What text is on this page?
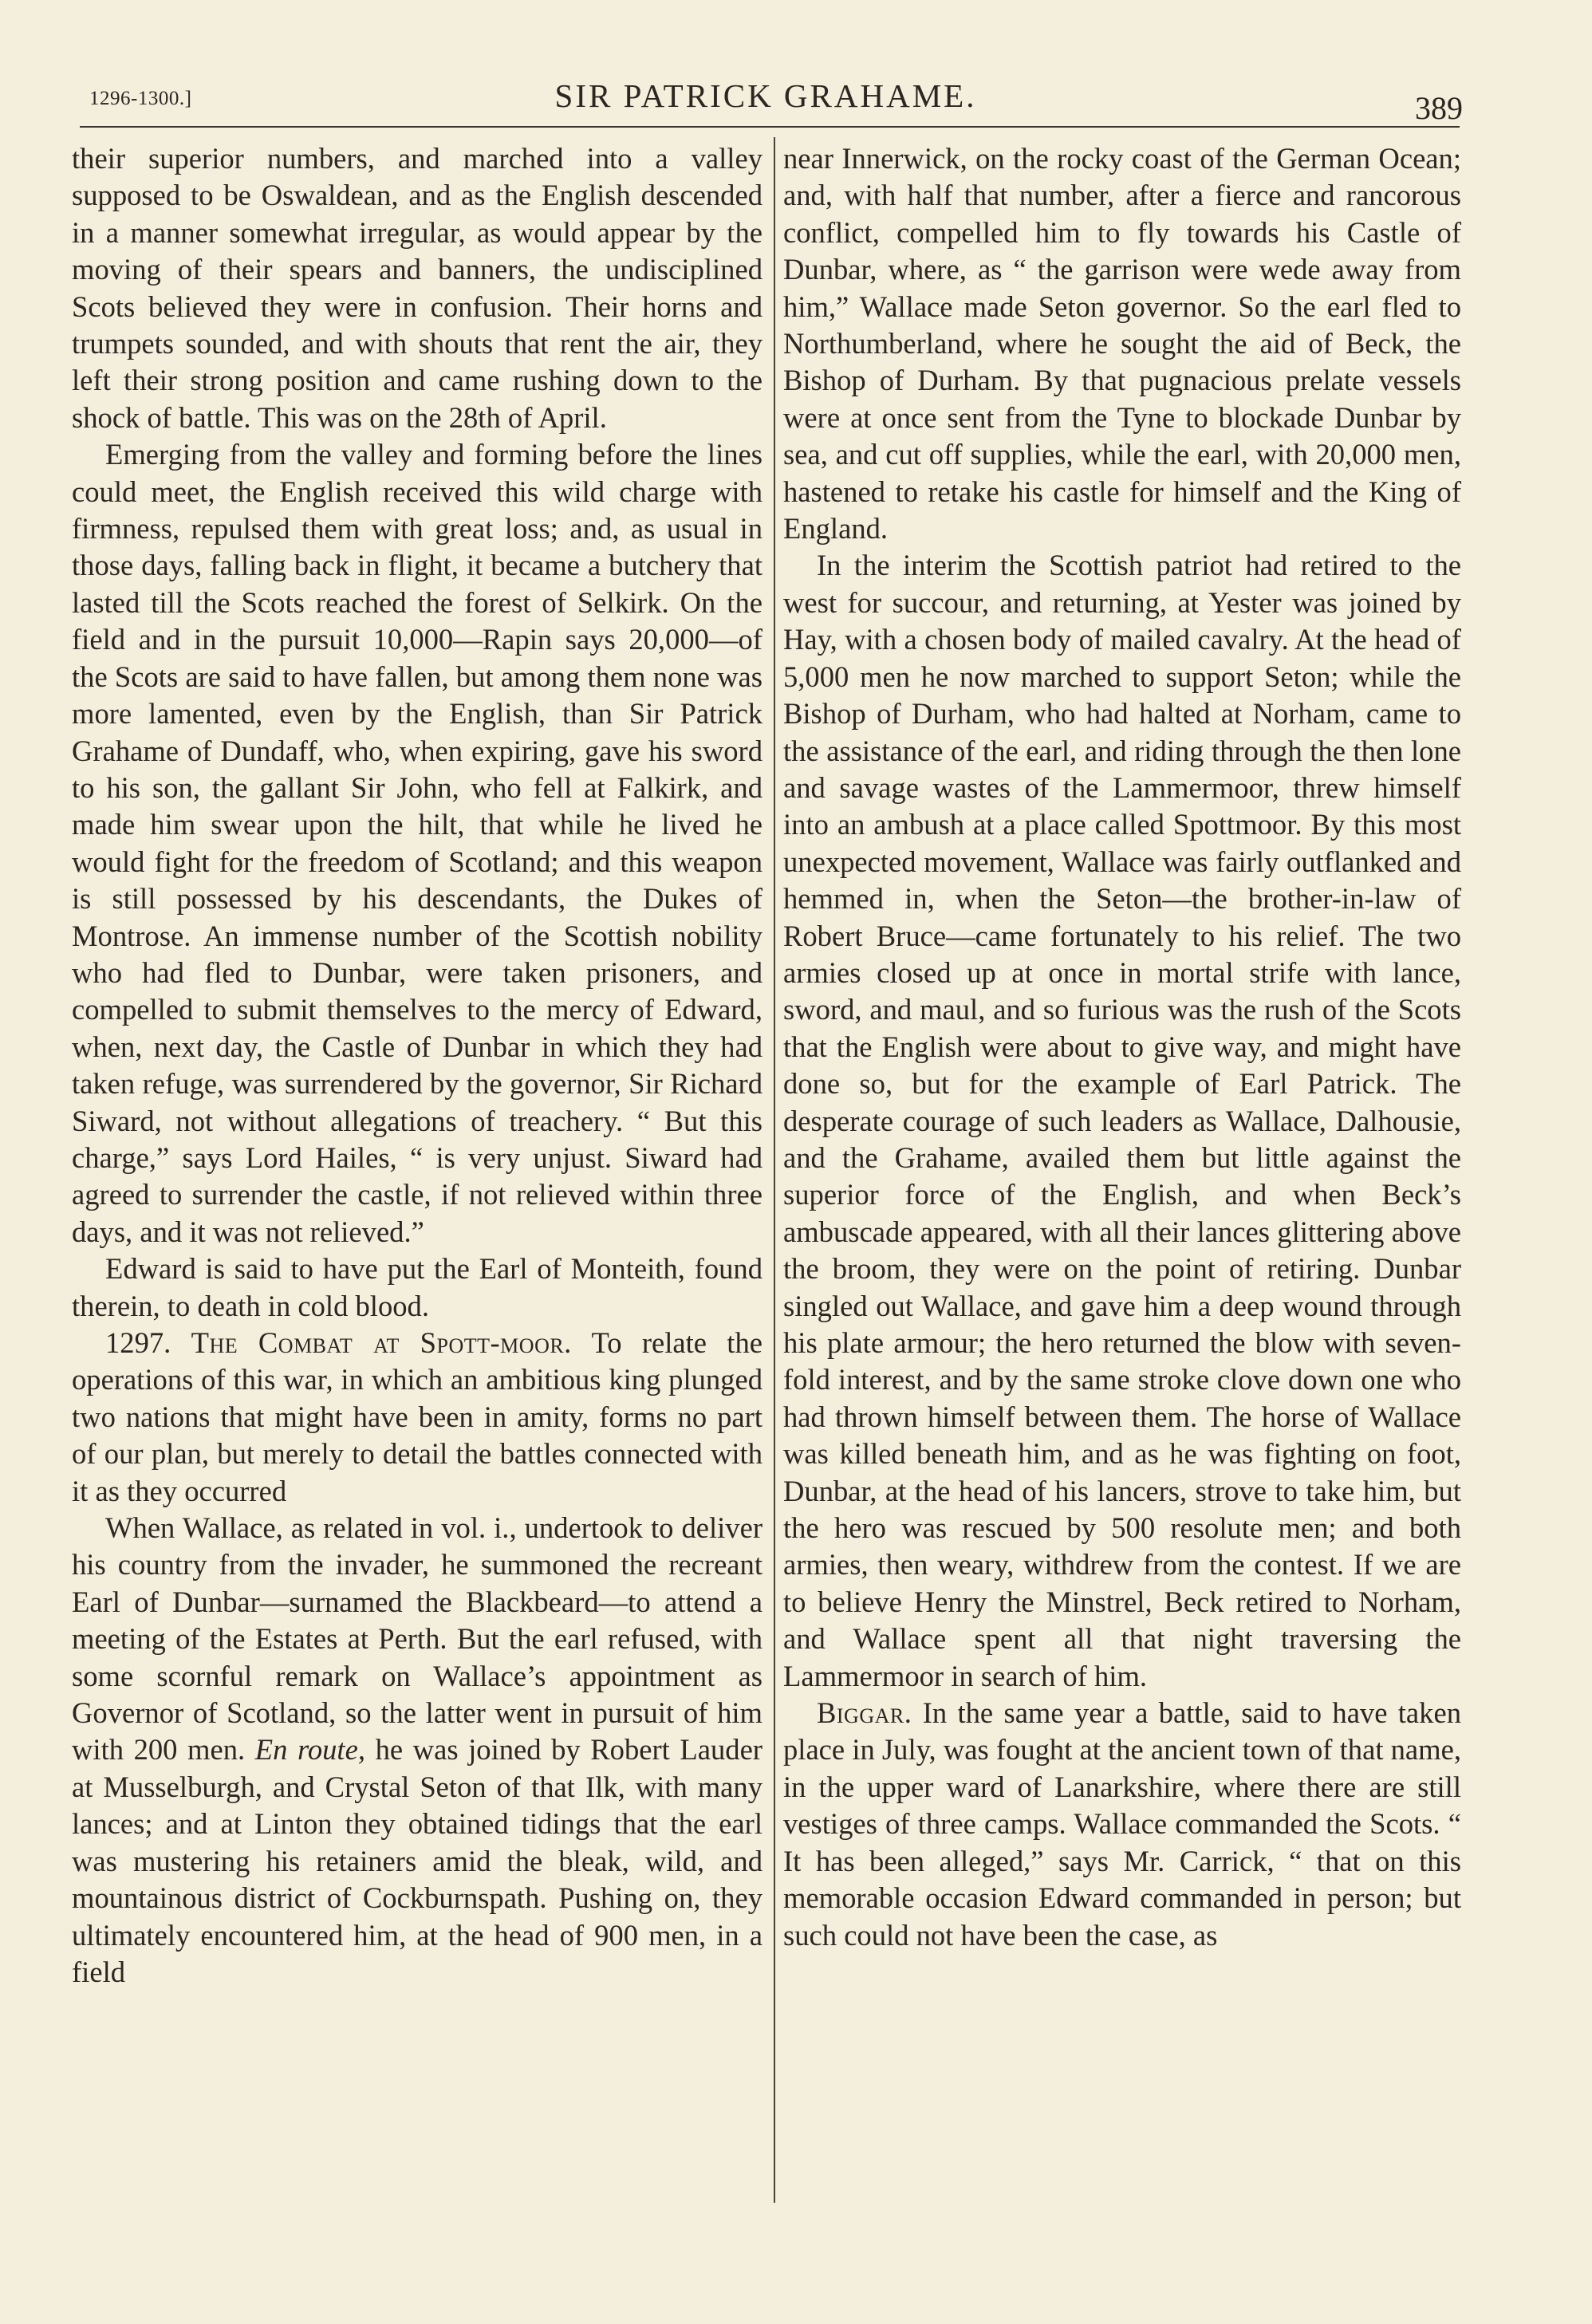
1296-1300.]	SIR PATRICK GRAHAME.	389

their superior numbers, and marched into a valley supposed to be Oswaldean, and as the English descended in a manner somewhat irregular, as would appear by the moving of their spears and banners, the undisciplined Scots believed they were in confusion. Their horns and trumpets sounded, and with shouts that rent the air, they left their strong position and came rushing down to the shock of battle. This was on the 28th of April.

Emerging from the valley and forming before the lines could meet, the English received this wild charge with firmness, repulsed them with great loss; and, as usual in those days, falling back in flight, it became a butchery that lasted till the Scots reached the forest of Selkirk. On the field and in the pursuit 10,000—Rapin says 20,000—of the Scots are said to have fallen, but among them none was more lamented, even by the English, than Sir Patrick Grahame of Dundaff, who, when expiring, gave his sword to his son, the gallant Sir John, who fell at Falkirk, and made him swear upon the hilt, that while he lived he would fight for the freedom of Scotland; and this weapon is still possessed by his descendants, the Dukes of Montrose. An immense number of the Scottish nobility who had fled to Dunbar, were taken prisoners, and compelled to submit themselves to the mercy of Edward, when, next day, the Castle of Dunbar in which they had taken refuge, was surrendered by the governor, Sir Richard Siward, not without allegations of treachery. “ But this charge,” says Lord Hailes, “ is very unjust. Siward had agreed to surrender the castle, if not relieved within three days, and it was not relieved.”

Edward is said to have put the Earl of Monteith, found therein, to death in cold blood.

1297. The Combat at Spott-moor. To relate the operations of this war, in which an ambitious king plunged two nations that might have been in amity, forms no part of our plan, but merely to detail the battles connected with it as they occurred

When Wallace, as related in vol. i., undertook to deliver his country from the invader, he summoned the recreant Earl of Dunbar—surnamed the Blackbeard—to attend a meeting of the Estates at Perth. But the earl refused, with some scornful remark on Wallace’s appointment as Governor of Scotland, so the latter went in pursuit of him with 200 men. En route, he was joined by Robert Lauder at Musselburgh, and Crystal Seton of that Ilk, with many lances; and at Linton they obtained tidings that the earl was mustering his retainers amid the bleak, wild, and mountainous district of Cockburnspath. Pushing on, they ultimately encountered him, at the head of 900 men, in a field

near Innerwick, on the rocky coast of the German Ocean; and, with half that number, after a fierce and rancorous conflict, compelled him to fly towards his Castle of Dunbar, where, as “ the garrison were wede away from him,” Wallace made Seton governor. So the earl fled to Northumberland, where he sought the aid of Beck, the Bishop of Durham. By that pugnacious prelate vessels were at once sent from the Tyne to blockade Dunbar by sea, and cut off supplies, while the earl, with 20,000 men, hastened to retake his castle for himself and the King of England.

In the interim the Scottish patriot had retired to the west for succour, and returning, at Yester was joined by Hay, with a chosen body of mailed cavalry. At the head of 5,000 men he now marched to support Seton; while the Bishop of Durham, who had halted at Norham, came to the assistance of the earl, and riding through the then lone and savage wastes of the Lammermoor, threw himself into an ambush at a place called Spottmoor. By this most unexpected movement, Wallace was fairly outflanked and hemmed in, when the Seton—the brother-in-law of Robert Bruce—came fortunately to his relief. The two armies closed up at once in mortal strife with lance, sword, and maul, and so furious was the rush of the Scots that the English were about to give way, and might have done so, but for the example of Earl Patrick. The desperate courage of such leaders as Wallace, Dalhousie, and the Grahame, availed them but little against the superior force of the English, and when Beck’s ambuscade appeared, with all their lances glittering above the broom, they were on the point of retiring. Dunbar singled out Wallace, and gave him a deep wound through his plate armour; the hero returned the blow with seven-fold interest, and by the same stroke clove down one who had thrown himself between them. The horse of Wallace was killed beneath him, and as he was fighting on foot, Dunbar, at the head of his lancers, strove to take him, but the hero was rescued by 500 resolute men; and both armies, then weary, withdrew from the contest. If we are to believe Henry the Minstrel, Beck retired to Norham, and Wallace spent all that night traversing the Lammermoor in search of him.

Biggar. In the same year a battle, said to have taken place in July, was fought at the ancient town of that name, in the upper ward of Lanarkshire, where there are still vestiges of three camps. Wallace commanded the Scots. “ It has been alleged,” says Mr. Carrick, “ that on this memorable occasion Edward commanded in person; but such could not have been the case, as
